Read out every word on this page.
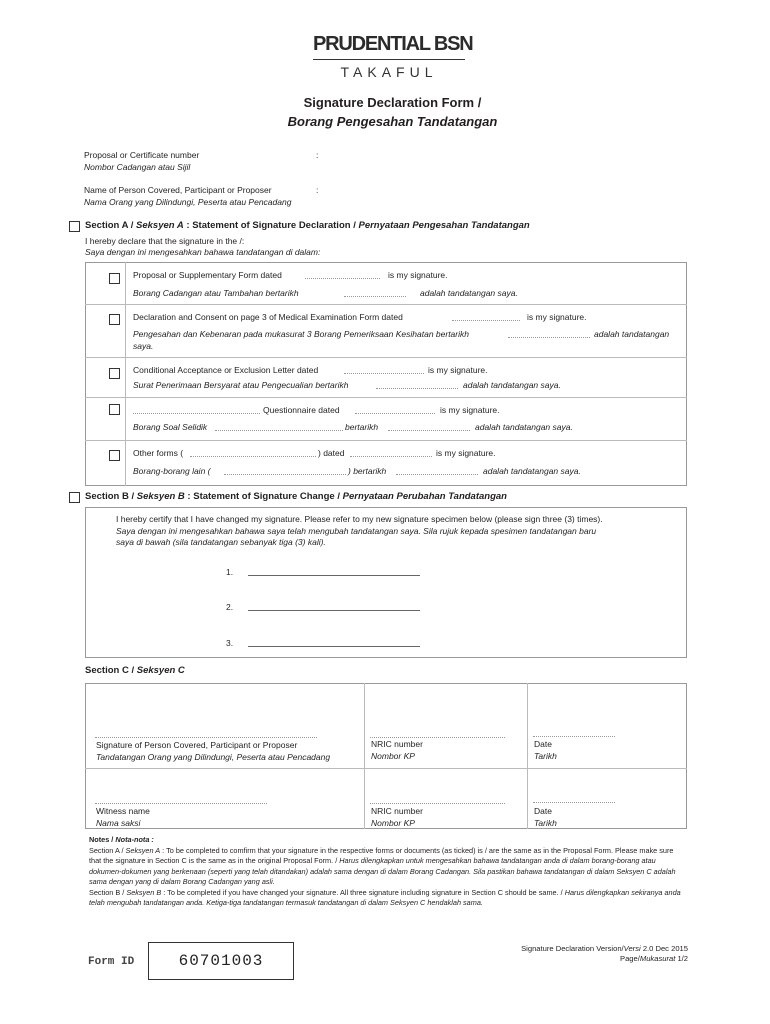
PRUDENTIAL BSN
TAKAFUL
Signature Declaration Form /
Borang Pengesahan Tandatangan
Proposal or Certificate number
Nombor Cadangan atau Sijil
:
Name of Person Covered, Participant or Proposer
Nama Orang yang Dilindungi, Peserta atau Pencadang
:
Section A / Seksyen A : Statement of Signature Declaration / Pernyataan Pengesahan Tandatangan
I hereby declare that the signature in the /:
Saya dengan ini mengesahkan bahawa tandatangan di dalam:
Proposal or Supplementary Form dated	is my signature.
Borang Cadangan atau Tambahan bertarikh	adalah tandatangan saya.
Declaration and Consent on page 3 of Medical Examination Form dated	is my signature.
Pengesahan dan Kebenaran pada mukasurat 3 Borang Pemeriksaan Kesihatan bertarikh	adalah tandatangan
saya.
Conditional Acceptance or Exclusion Letter dated	is my signature.
Surat Penerimaan Bersyarat atau Pengecualian bertarikh	adalah tandatangan saya.
Questionnaire dated	is my signature.
Borang Soal Selidik	bertarikh	adalah tandatangan saya.
Other forms (	) dated	is my signature.
Borang-borang lain (	) bertarikh	adalah tandatangan saya.
Section B / Seksyen B : Statement of Signature Change / Pernyataan Perubahan Tandatangan
I hereby certify that I have changed my signature. Please refer to my new signature specimen below (please sign three (3) times).
Saya dengan ini mengesahkan bahawa saya telah mengubah tandatangan saya. Sila rujuk kepada spesimen tandatangan baru
saya di bawah (sila tandatangan sebanyak tiga (3) kali).
1.
2.
3.
Section C / Seksyen C
Signature of Person Covered, Participant or Proposer
Tandatangan Orang yang Dilindungi, Peserta atau Pencadang
NRIC number
Nombor KP
Date
Tarikh
Witness name
Nama saksi
NRIC number
Nombor KP
Date
Tarikh

Notes / Nota-nota :

Section A / Seksyen A : To be completed to comfirm that your signature in the respective forms or documents (as ticked) is / are the same as in the Proposal Form. Please make sure that the signature in Section C is the same as in the original Proposal Form. / Harus dilengkapkan untuk mengesahkan bahawa tandatangan anda di dalam borang-borang atau dokumen-dokumen yang berkenaan (seperti yang telah ditandakan) adalah sama dengan di dalam Borang Cadangan. Sila pastikan bahawa tandatangan di dalam Seksyen C adalah sama dengan yang di dalam Borang Cadangan yang asli.

Section B / Seksyen B : To be completed if you have changed your signature. All three signature including signature in Section C should be same. / Harus dilengkapkan sekiranya anda telah mengubah tandatangan anda. Ketiga-tiga tandatangan termasuk tandatangan di dalam Seksyen C hendaklah sama.

Signature Declaration Version/Versi 2.0 Dec 2015
Page/Mukasurat 1/2
Form ID	60701003
